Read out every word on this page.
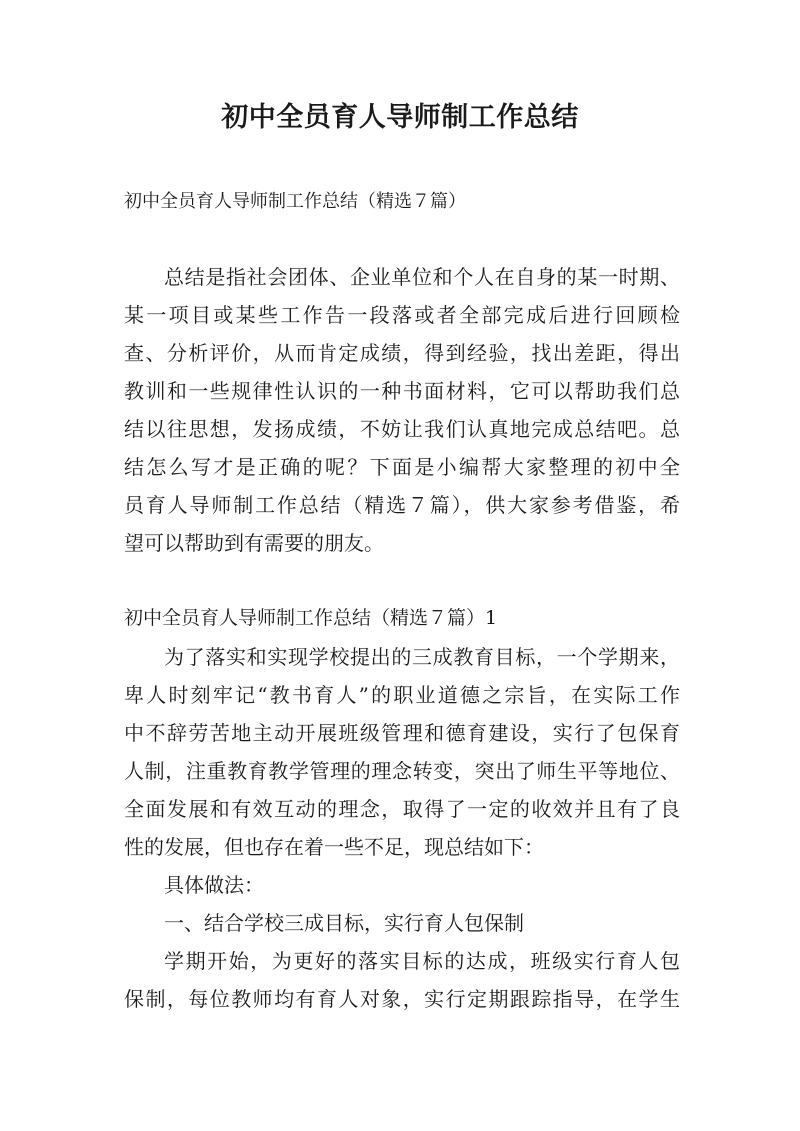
初中全员育人导师制工作总结

初中全员育人导师制工作总结（精选７篇）

总结是指社会团体、企业单位和个人在自身的某一时期、

某一项目或某些工作告一段落或者全部完成后进行回顾检

查、分析评价，从而肯定成绩，得到经验，找出差距，得出

教训和一些规律性认识的一种书面材料，它可以帮助我们总

结以往思想，发扬成绩，不妨让我们认真地完成总结吧。总

结怎么写才是正确的呢？下面是小编帮大家整理的初中全

员育人导师制工作总结（精选７篇），供大家参考借鉴，希

望可以帮助到有需要的朋友。

初中全员育人导师制工作总结（精选７篇）1

为了落实和实现学校提出的三成教育目标，一个学期来，

卑人时刻牢记“教书育人”的职业道德之宗旨，在实际工作

中不辞劳苦地主动开展班级管理和德育建设，实行了包保育

人制，注重教育教学管理的理念转变，突出了师生平等地位、

全面发展和有效互动的理念，取得了一定的收效并且有了良

性的发展，但也存在着一些不足，现总结如下：

具体做法：

一、结合学校三成目标，实行育人包保制

学期开始，为更好的落实目标的达成，班级实行育人包

保制，每位教师均有育人对象，实行定期跟踪指导，在学生
